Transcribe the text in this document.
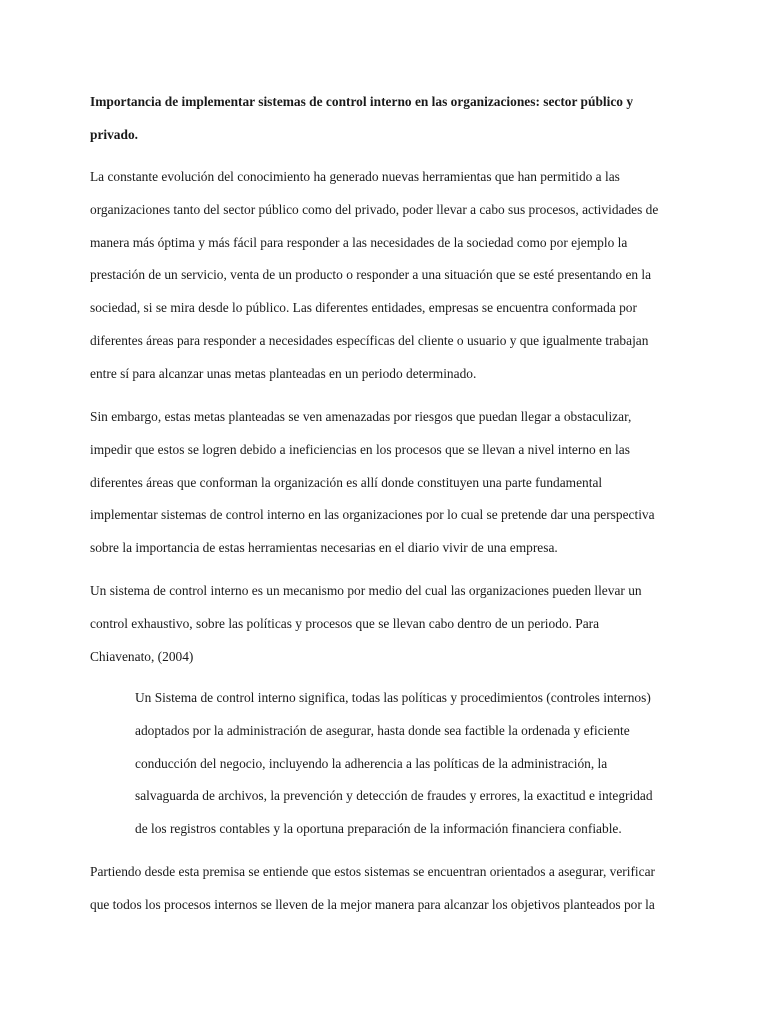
Importancia de implementar sistemas de control interno en las organizaciones: sector público y
privado.
La constante evolución del conocimiento ha generado nuevas herramientas que han permitido a las
organizaciones tanto del sector público como del privado, poder llevar a cabo sus procesos, actividades de
manera más óptima y más fácil para responder a las necesidades de la sociedad como por ejemplo la
prestación de un servicio, venta de un producto o responder a una situación que se esté presentando en la
sociedad, si se mira desde lo público. Las diferentes entidades, empresas se encuentra conformada por
diferentes áreas para responder a necesidades específicas del cliente o usuario y que igualmente trabajan
entre sí para alcanzar unas metas planteadas en un periodo determinado.
Sin embargo, estas metas planteadas se ven amenazadas por riesgos que puedan llegar a obstaculizar,
impedir que estos se logren debido a ineficiencias en los procesos que se llevan a nivel interno en las
diferentes áreas que conforman la organización es allí donde constituyen una parte fundamental
implementar sistemas de control interno en las organizaciones por lo cual se pretende dar una perspectiva
sobre la importancia de estas herramientas necesarias en el diario vivir de una empresa.
Un sistema de control interno es un mecanismo por medio del cual las organizaciones pueden llevar un
control exhaustivo, sobre las políticas y procesos que se llevan cabo dentro de un periodo. Para
Chiavenato, (2004)
Un Sistema de control interno significa, todas las políticas y procedimientos (controles internos)
adoptados por la administración de asegurar, hasta donde sea factible la ordenada y eficiente
conducción del negocio, incluyendo la adherencia a las políticas de la administración, la
salvaguarda de archivos, la prevención y detección de fraudes y errores, la exactitud e integridad
de los registros contables y la oportuna preparación de la información financiera confiable.
Partiendo desde esta premisa se entiende que estos sistemas se encuentran orientados a asegurar, verificar
que todos los procesos internos se lleven de la mejor manera para alcanzar los objetivos planteados por la
